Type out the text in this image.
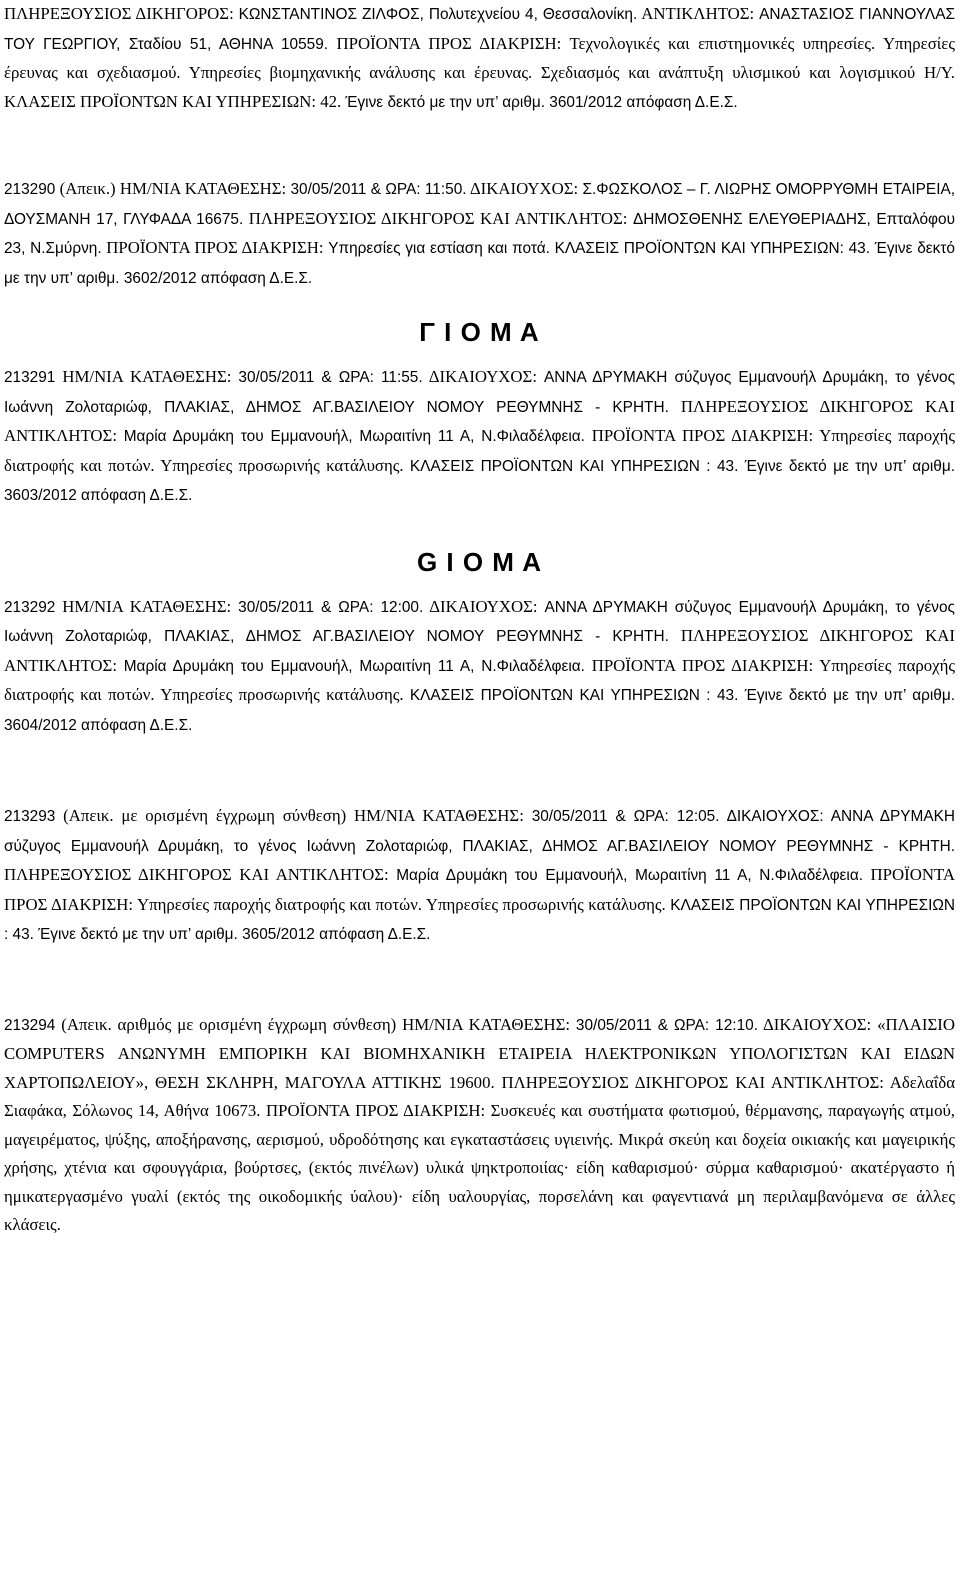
ΠΛΗΡΕΞΟΥΣΙΟΣ ΔΙΚΗΓΟΡΟΣ: ΚΩΝΣΤΑΝΤΙΝΟΣ ΖΙΛΦΟΣ, Πολυτεχνείου 4, Θεσσαλονίκη. ΑΝΤΙΚΛΗΤΟΣ: ΑΝΑΣΤΑΣΙΟΣ ΓΙΑΝΝΟΥΛΑΣ ΤΟΥ ΓΕΩΡΓΙΟΥ, Σταδίου 51, ΑΘΗΝΑ 10559. ΠΡΟΪΟΝΤΑ ΠΡΟΣ ΔΙΑΚΡΙΣΗ: Τεχνολογικές και επιστημονικές υπηρεσίες. Υπηρεσίες έρευνας και σχεδιασμού. Υπηρεσίες βιομηχανικής ανάλυσης και έρευνας. Σχεδιασμός και ανάπτυξη υλισμικού και λογισμικού Η/Υ. ΚΛΑΣΕΙΣ ΠΡΟΪΟΝΤΩΝ ΚΑΙ ΥΠΗΡΕΣΙΩΝ: 42. Έγινε δεκτό με την υπ’ αριθμ. 3601/2012 απόφαση Δ.Ε.Σ.

213290 (Απεικ.) ΗΜ/ΝΙΑ ΚΑΤΑΘΕΣΗΣ: 30/05/2011 & ΩΡΑ: 11:50. ΔΙΚΑΙΟΥΧΟΣ: Σ.ΦΩΣΚΟΛΟΣ – Γ. ΛΙΩΡΗΣ ΟΜΟΡΡΥΘΜΗ ΕΤΑΙΡΕΙΑ, ΔΟΥΣΜΑΝΗ 17, ΓΛΥΦΑΔΑ 16675. ΠΛΗΡΕΞΟΥΣΙΟΣ ΔΙΚΗΓΟΡΟΣ ΚΑΙ ΑΝΤΙΚΛΗΤΟΣ: ΔΗΜΟΣΘΕΝΗΣ ΕΛΕΥΘΕΡΙΑΔΗΣ, Επταλόφου 23, Ν.Σμύρνη. ΠΡΟΪΟΝΤΑ ΠΡΟΣ ΔΙΑΚΡΙΣΗ: Υπηρεσίες για εστίαση και ποτά. ΚΛΑΣΕΙΣ ΠΡΟΪΟΝΤΩΝ ΚΑΙ ΥΠΗΡΕΣΙΩΝ: 43. Έγινε δεκτό με την υπ’ αριθμ. 3602/2012 απόφαση Δ.Ε.Σ.

Γ Ι Ο Μ Α

213291 ΗΜ/ΝΙΑ ΚΑΤΑΘΕΣΗΣ: 30/05/2011 & ΩΡΑ: 11:55. ΔΙΚΑΙΟΥΧΟΣ: ΑΝΝΑ ΔΡΥΜΑΚΗ σύζυγος Εμμανουήλ Δρυμάκη, το γένος Ιωάννη Ζολοταριώφ, ΠΛΑΚΙΑΣ, ΔΗΜΟΣ ΑΓ.ΒΑΣΙΛΕΙΟΥ ΝΟΜΟΥ ΡΕΘΥΜΝΗΣ - ΚΡΗΤΗ. ΠΛΗΡΕΞΟΥΣΙΟΣ ΔΙΚΗΓΟΡΟΣ ΚΑΙ ΑΝΤΙΚΛΗΤΟΣ: Μαρία Δρυμάκη του Εμμανουήλ, Μωραιτίνη 11 Α, Ν.Φιλαδέλφεια. ΠΡΟΪΟΝΤΑ ΠΡΟΣ ΔΙΑΚΡΙΣΗ: Υπηρεσίες παροχής διατροφής και ποτών. Υπηρεσίες προσωρινής κατάλυσης. ΚΛΑΣΕΙΣ ΠΡΟΪΟΝΤΩΝ ΚΑΙ ΥΠΗΡΕΣΙΩΝ : 43. Έγινε δεκτό με την υπ’ αριθμ. 3603/2012 απόφαση Δ.Ε.Σ.

G I O M A

213292 ΗΜ/ΝΙΑ ΚΑΤΑΘΕΣΗΣ: 30/05/2011 & ΩΡΑ: 12:00. ΔΙΚΑΙΟΥΧΟΣ: ΑΝΝΑ ΔΡΥΜΑΚΗ σύζυγος Εμμανουήλ Δρυμάκη, το γένος Ιωάννη Ζολοταριώφ, ΠΛΑΚΙΑΣ, ΔΗΜΟΣ ΑΓ.ΒΑΣΙΛΕΙΟΥ ΝΟΜΟΥ ΡΕΘΥΜΝΗΣ - ΚΡΗΤΗ. ΠΛΗΡΕΞΟΥΣΙΟΣ ΔΙΚΗΓΟΡΟΣ ΚΑΙ ΑΝΤΙΚΛΗΤΟΣ: Μαρία Δρυμάκη του Εμμανουήλ, Μωραιτίνη 11 Α, Ν.Φιλαδέλφεια. ΠΡΟΪΟΝΤΑ ΠΡΟΣ ΔΙΑΚΡΙΣΗ: Υπηρεσίες παροχής διατροφής και ποτών. Υπηρεσίες προσωρινής κατάλυσης. ΚΛΑΣΕΙΣ ΠΡΟΪΟΝΤΩΝ ΚΑΙ ΥΠΗΡΕΣΙΩΝ : 43. Έγινε δεκτό με την υπ’ αριθμ. 3604/2012 απόφαση Δ.Ε.Σ.

213293 (Απεικ. με ορισμένη έγχρωμη σύνθεση) ΗΜ/ΝΙΑ ΚΑΤΑΘΕΣΗΣ: 30/05/2011 & ΩΡΑ: 12:05. ΔΙΚΑΙΟΥΧΟΣ: ΑΝΝΑ ΔΡΥΜΑΚΗ σύζυγος Εμμανουήλ Δρυμάκη, το γένος Ιωάννη Ζολοταριώφ, ΠΛΑΚΙΑΣ, ΔΗΜΟΣ ΑΓ.ΒΑΣΙΛΕΙΟΥ ΝΟΜΟΥ ΡΕΘΥΜΝΗΣ - ΚΡΗΤΗ. ΠΛΗΡΕΞΟΥΣΙΟΣ ΔΙΚΗΓΟΡΟΣ ΚΑΙ ΑΝΤΙΚΛΗΤΟΣ: Μαρία Δρυμάκη του Εμμανουήλ, Μωραιτίνη 11 Α, Ν.Φιλαδέλφεια. ΠΡΟΪΟΝΤΑ ΠΡΟΣ ΔΙΑΚΡΙΣΗ: Υπηρεσίες παροχής διατροφής και ποτών. Υπηρεσίες προσωρινής κατάλυσης. ΚΛΑΣΕΙΣ ΠΡΟΪΟΝΤΩΝ ΚΑΙ ΥΠΗΡΕΣΙΩΝ : 43. Έγινε δεκτό με την υπ’ αριθμ. 3605/2012 απόφαση Δ.Ε.Σ.

213294 (Απεικ. αριθμός με ορισμένη έγχρωμη σύνθεση) ΗΜ/ΝΙΑ ΚΑΤΑΘΕΣΗΣ: 30/05/2011 & ΩΡΑ: 12:10. ΔΙΚΑΙΟΥΧΟΣ: «ΠΛΑΙΣΙΟ COMPUTERS ΑΝΩΝΥΜΗ ΕΜΠΟΡΙΚΗ ΚΑΙ ΒΙΟΜΗΧΑΝΙΚΗ ΕΤΑΙΡΕΙΑ ΗΛΕΚΤΡΟΝΙΚΩΝ ΥΠΟΛΟΓΙΣΤΩΝ ΚΑΙ ΕΙΔΩΝ ΧΑΡΤΟΠΩΛΕΙΟΥ», ΘΕΣΗ ΣΚΛΗΡΗ, ΜΑΓΟΥΛΑ ΑΤΤΙΚΗΣ 19600. ΠΛΗΡΕΞΟΥΣΙΟΣ ΔΙΚΗΓΟΡΟΣ ΚΑΙ ΑΝΤΙΚΛΗΤΟΣ: Αδελαΐδα Σιαφάκα, Σόλωνος 14, Αθήνα 10673. ΠΡΟΪΟΝΤΑ ΠΡΟΣ ΔΙΑΚΡΙΣΗ: Συσκευές και συστήματα φωτισμού, θέρμανσης, παραγωγής ατμού, μαγειρέματος, ψύξης, αποξήρανσης, αερισμού, υδροδότησης και εγκαταστάσεις υγιεινής. Μικρά σκεύη και δοχεία οικιακής και μαγειρικής χρήσης, χτένια και σφουγγάρια, βούρτσες, (εκτός πινέλων) υλικά ψηκτροποιίας· είδη καθαρισμού· σύρμα καθαρισμού· ακατέργαστο ή ημικατεργασμένο γυαλί (εκτός της οικοδομικής ύαλου)· είδη υαλουργίας, πορσελάνη και φαγεντιανά μη περιλαμβανόμενα σε άλλες κλάσεις.
